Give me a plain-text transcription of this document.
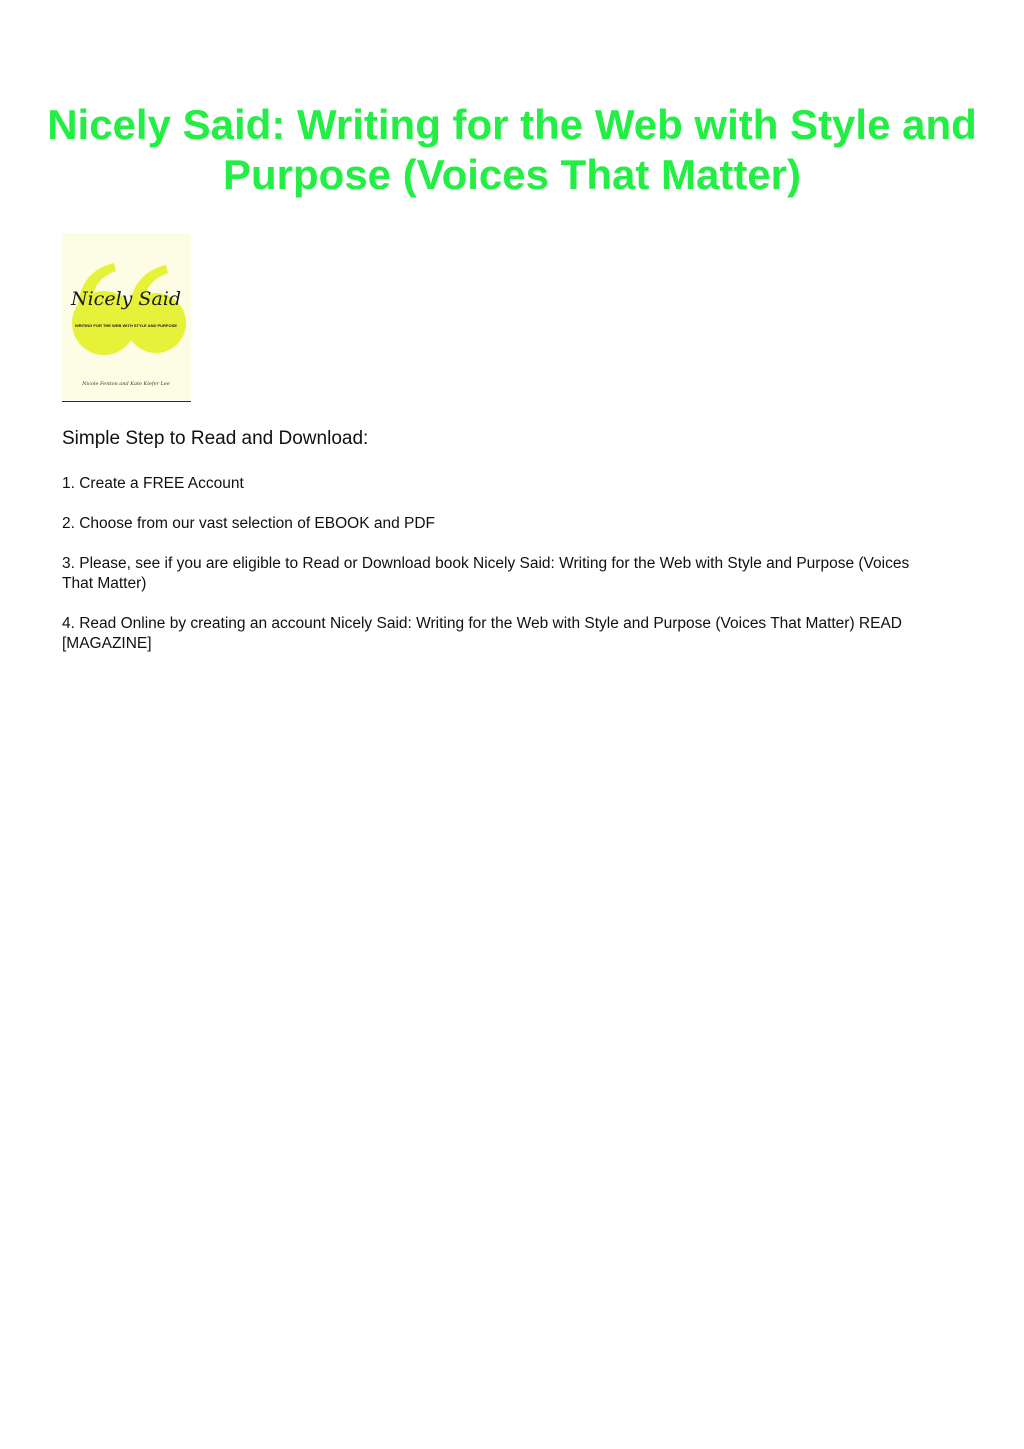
Nicely Said: Writing for the Web with Style and Purpose (Voices That Matter)
Nicely Said
WRITING FOR THE WEB WITH STYLE AND PURPOSE
Nicole Fenton and Kate Kiefer Lee

Simple Step to Read and Download:

1. Create a FREE Account
2. Choose from our vast selection of EBOOK and PDF
3. Please, see if you are eligible to Read or Download book Nicely Said: Writing for the Web with Style and Purpose (Voices That Matter)
4. Read Online by creating an account Nicely Said: Writing for the Web with Style and Purpose (Voices That Matter) READ [MAGAZINE]
